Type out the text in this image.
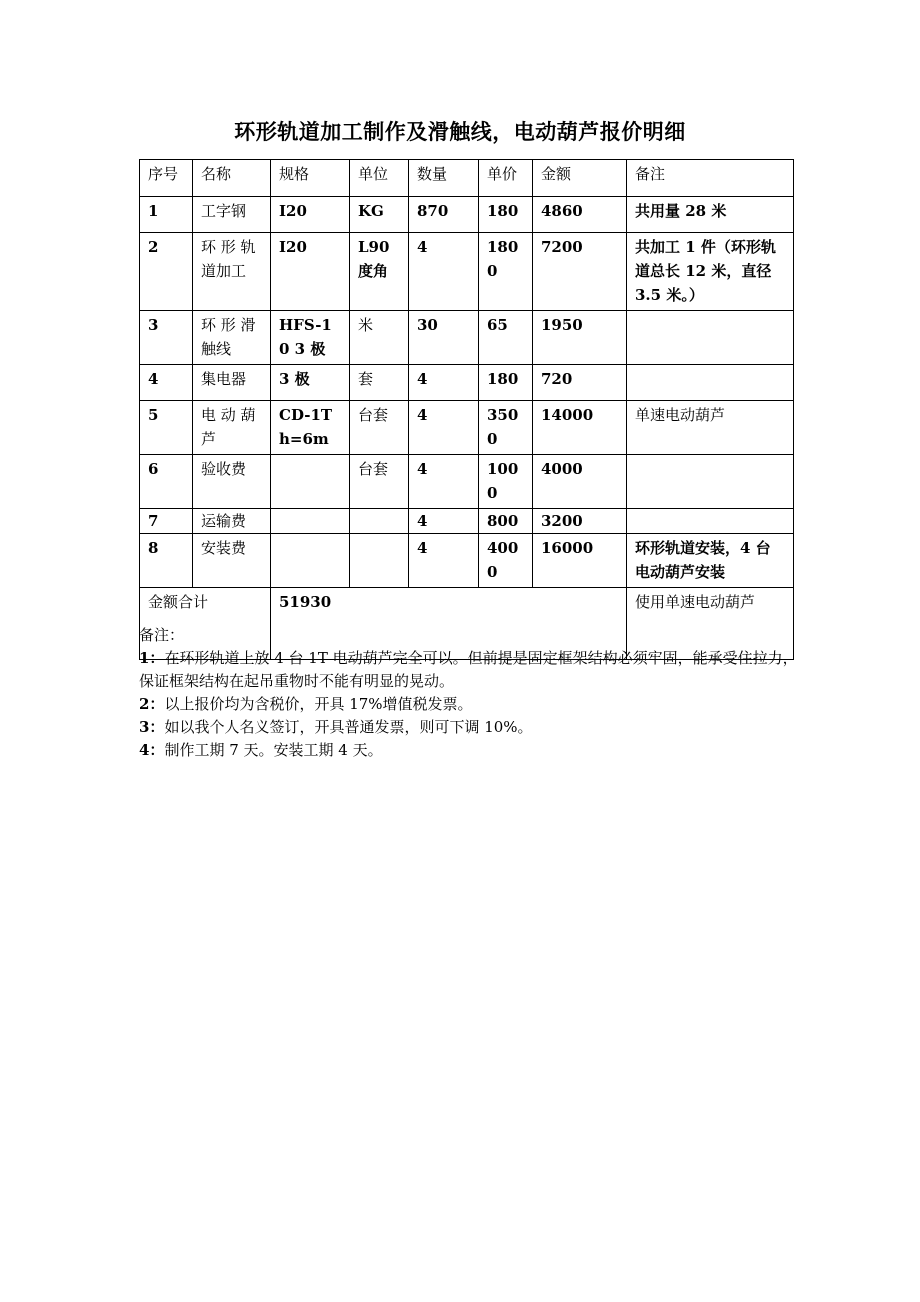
环形轨道加工制作及滑触线，电动葫芦报价明细
序号	名称	规格	单位	数量	单价	金额	备注
1	工字钢	I20	KG	870	180	4860	共用量 28 米
2	环 形 轨 道加工	I20	L90 度角	4	1800	7200	共加工 1 件（环形轨道总长 12 米，直径 3.5 米。）
3	环 形 滑 触线	HFS-10 3 极	米	30	65	1950	
4	集电器	3 极	套	4	180	720	
5	电 动 葫 芦	CD-1T h=6m	台套	4	3500	14000	单速电动葫芦
6	验收费		台套	4	1000	4000	
7	运输费			4	800	3200	
8	安装费			4	4000	16000	环形轨道安装，4 台电动葫芦安装
金额合计		51930					使用单速电动葫芦

备注：

1：在环形轨道上放 4 台 1T 电动葫芦完全可以。但前提是固定框架结构必须牢固，能承受住拉力，保证框架结构在起吊重物时不能有明显的晃动。

2：以上报价均为含税价，开具 17%增值税发票。

3：如以我个人名义签订，开具普通发票，则可下调 10%。

4：制作工期 7 天。安装工期 4 天。
